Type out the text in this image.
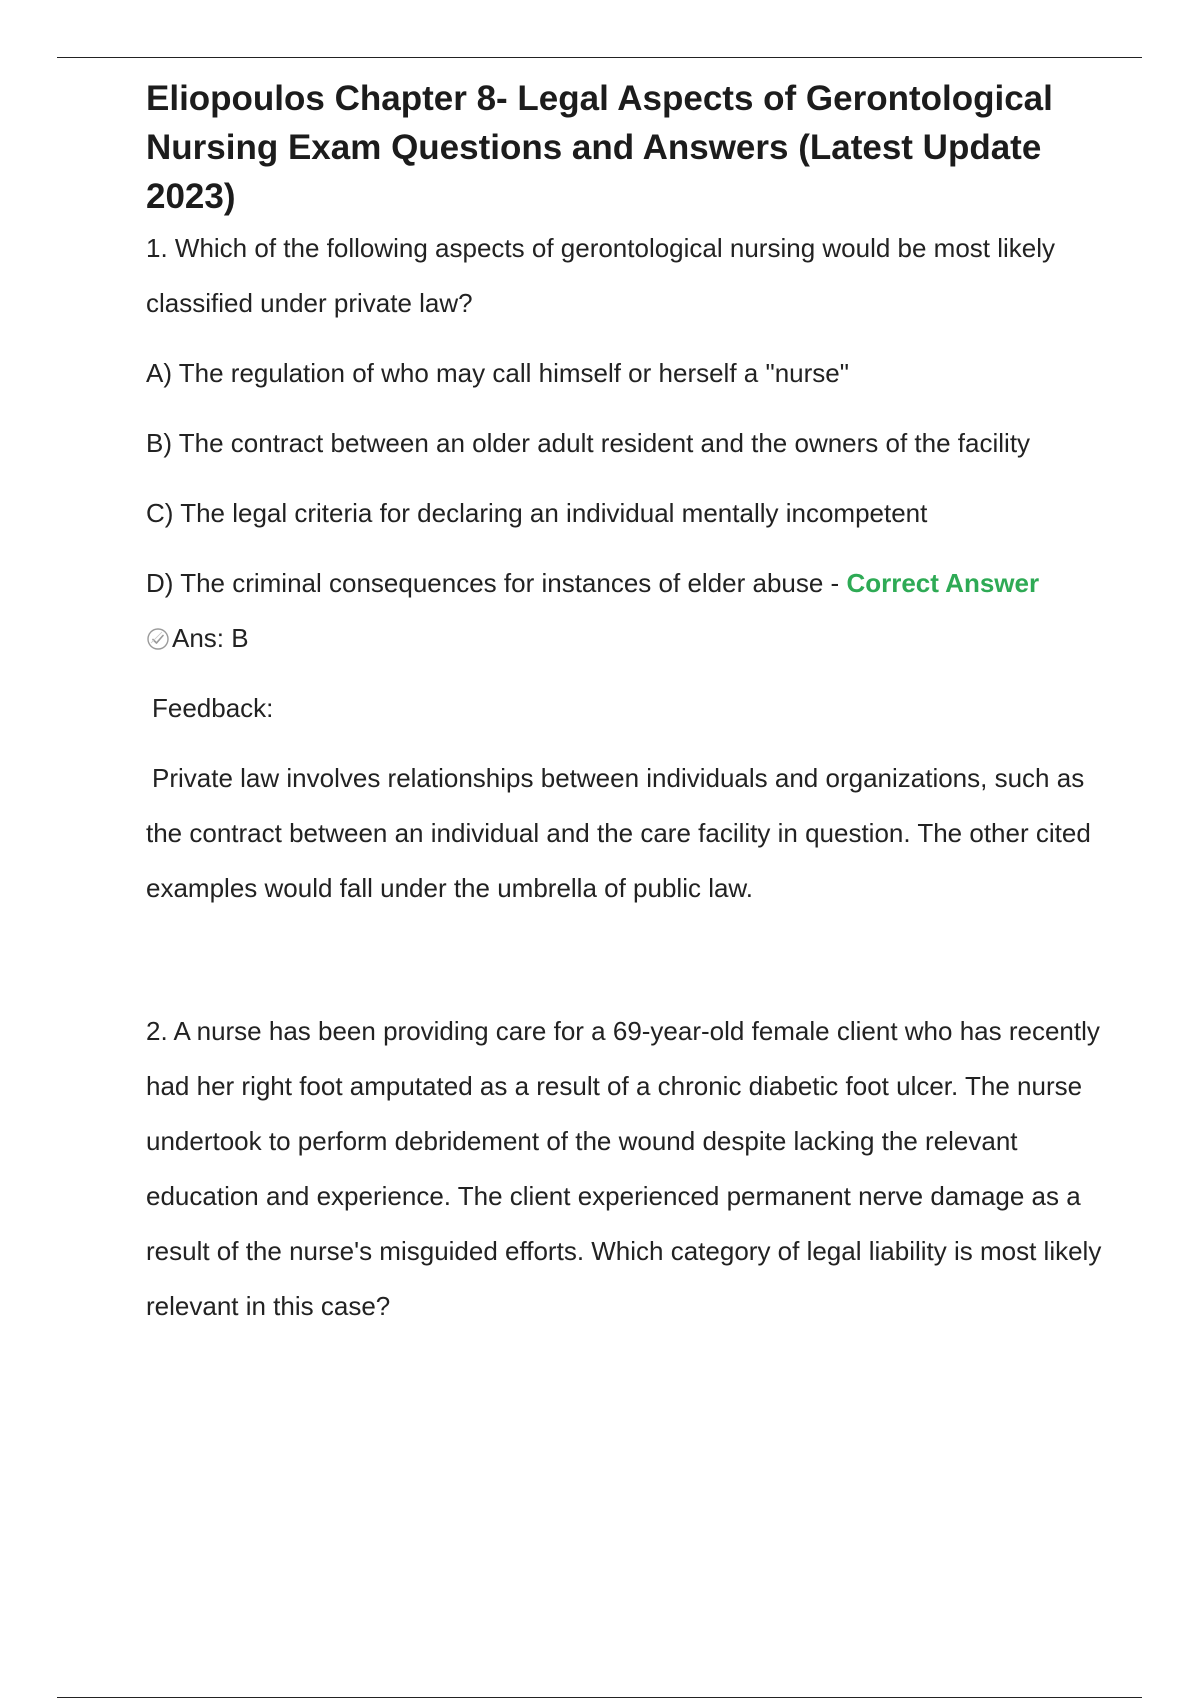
Eliopoulos Chapter 8- Legal Aspects of Gerontological Nursing Exam Questions and Answers (Latest Update 2023)

1. Which of the following aspects of gerontological nursing would be most likely classified under private law?

A) The regulation of who may call himself or herself a "nurse"

B) The contract between an older adult resident and the owners of the facility

C) The legal criteria for declaring an individual mentally incompetent

D) The criminal consequences for instances of elder abuse - Correct Answer
Ans: B

Feedback:

Private law involves relationships between individuals and organizations, such as the contract between an individual and the care facility in question. The other cited examples would fall under the umbrella of public law.

2. A nurse has been providing care for a 69-year-old female client who has recently had her right foot amputated as a result of a chronic diabetic foot ulcer. The nurse undertook to perform debridement of the wound despite lacking the relevant education and experience. The client experienced permanent nerve damage as a result of the nurse's misguided efforts. Which category of legal liability is most likely relevant in this case?
